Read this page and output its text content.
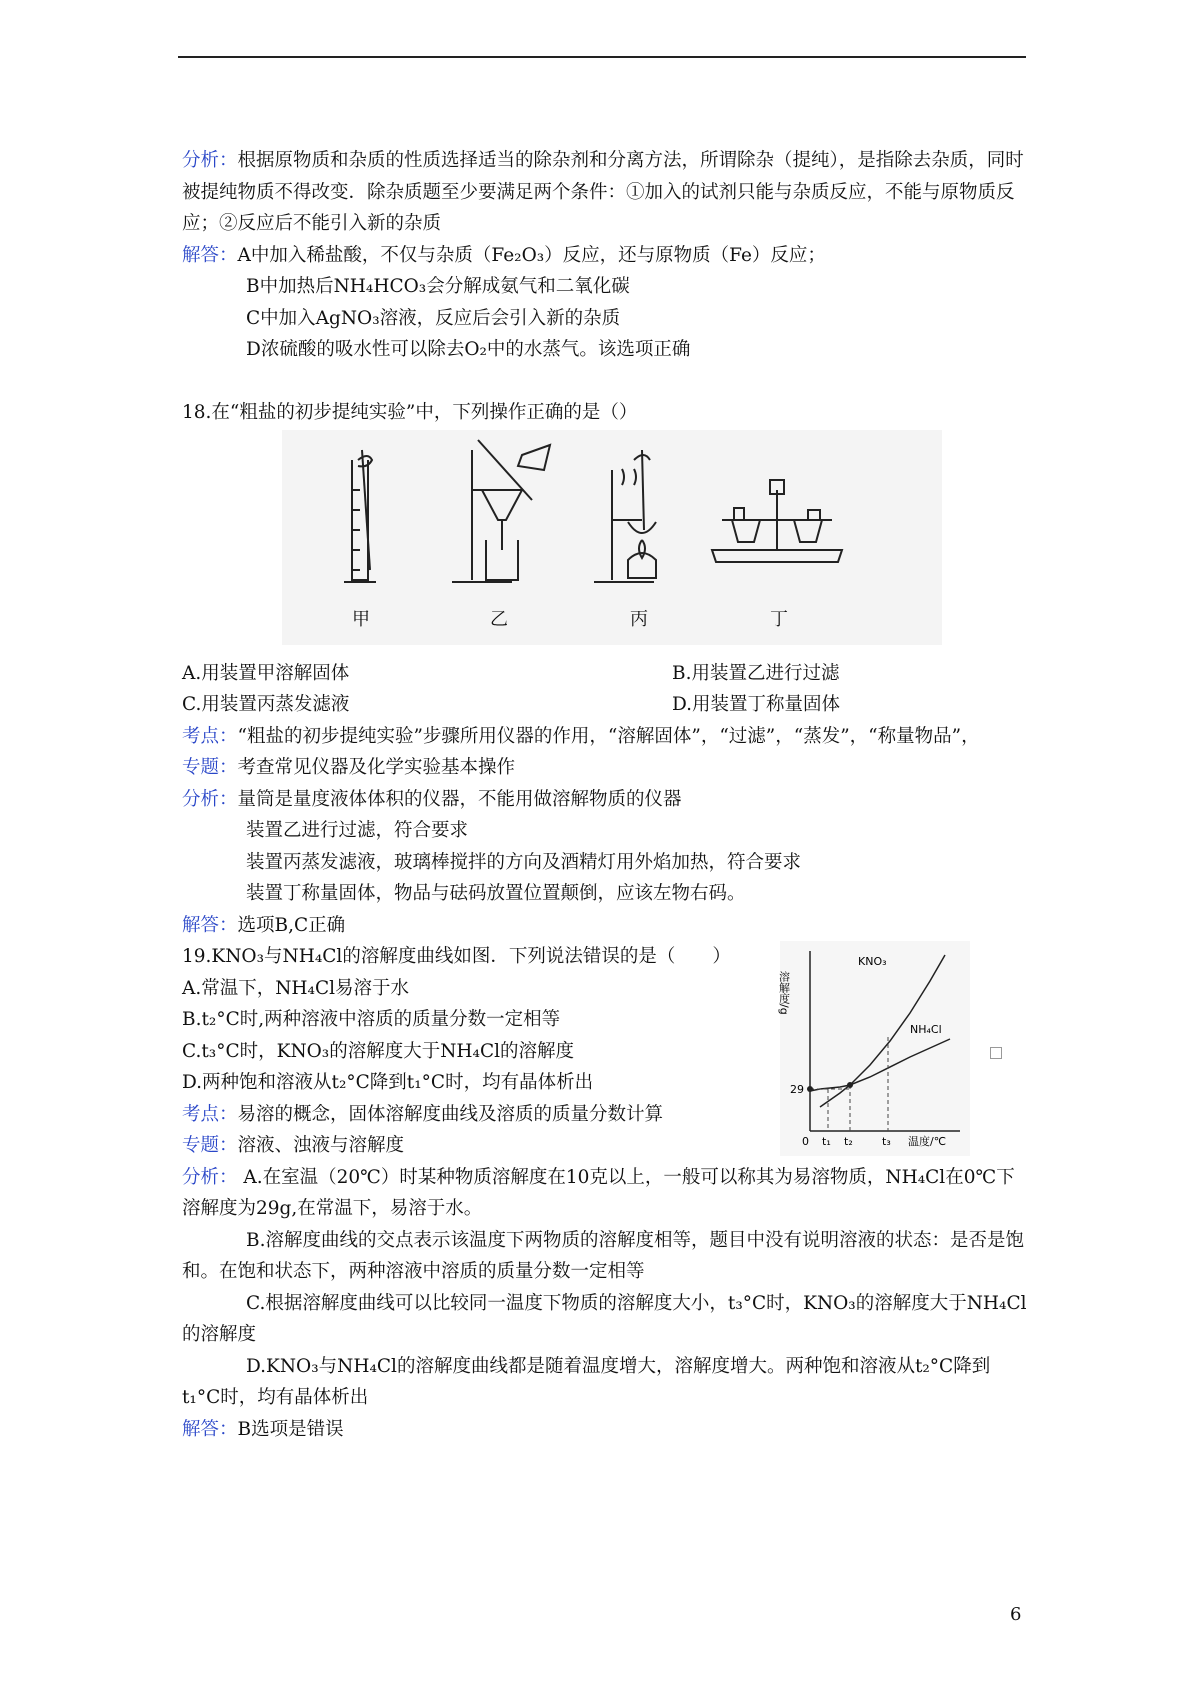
分析：根据原物质和杂质的性质选择适当的除杂剂和分离方法，所谓除杂（提纯），是指除去杂质，同时被提纯物质不得改变．除杂质题至少要满足两个条件：①加入的试剂只能与杂质反应，不能与原物质反应；②反应后不能引入新的杂质

解答：A中加入稀盐酸，不仅与杂质（Fe₂O₃）反应，还与原物质（Fe）反应；

B中加热后NH₄HCO₃会分解成氨气和二氧化碳

C中加入AgNO₃溶液，反应后会引入新的杂质

D浓硫酸的吸水性可以除去O₂中的水蒸气。该选项正确

18.在“粗盐的初步提纯实验”中，下列操作正确的是（）

甲	乙	丙	丁
A.用装置甲溶解固体	B.用装置乙进行过滤
C.用装置丙蒸发滤液	D.用装置丁称量固体

考点：“粗盐的初步提纯实验”步骤所用仪器的作用，“溶解固体”，“过滤”，“蒸发”，“称量物品”，

专题：考查常见仪器及化学实验基本操作

分析：量筒是量度液体体积的仪器，不能用做溶解物质的仪器

装置乙进行过滤，符合要求

装置丙蒸发滤液，玻璃棒搅拌的方向及酒精灯用外焰加热，符合要求

装置丁称量固体，物品与砝码放置位置颠倒，应该左物右码。

解答：选项B,C正确

19.KNO₃与NH₄Cl的溶解度曲线如图．下列说法错误的是（　　）

A.常温下，NH₄Cl易溶于水

B.t₂°C时,两种溶液中溶质的质量分数一定相等

C.t₃°C时，KNO₃的溶解度大于NH₄Cl的溶解度

D.两种饱和溶液从t₂°C降到t₁°C时，均有晶体析出

考点：易溶的概念，固体溶解度曲线及溶质的质量分数计算

专题：溶液、浊液与溶解度

溶解度/g
KNO₃
NH₄Cl
29
0 t₁ t₂	t₃ 温度/℃

分析： A.在室温（20℃）时某种物质溶解度在10克以上，一般可以称其为易溶物质，NH₄Cl在0℃下溶解度为29g,在常温下，易溶于水。

B.溶解度曲线的交点表示该温度下两物质的溶解度相等，题目中没有说明溶液的状态：是否是饱和。在饱和状态下，两种溶液中溶质的质量分数一定相等

C.根据溶解度曲线可以比较同一温度下物质的溶解度大小，t₃°C时，KNO₃的溶解度大于NH₄Cl的溶解度

D.KNO₃与NH₄Cl的溶解度曲线都是随着温度增大，溶解度增大。两种饱和溶液从t₂°C降到t₁°C时，均有晶体析出

解答：B选项是错误

6
